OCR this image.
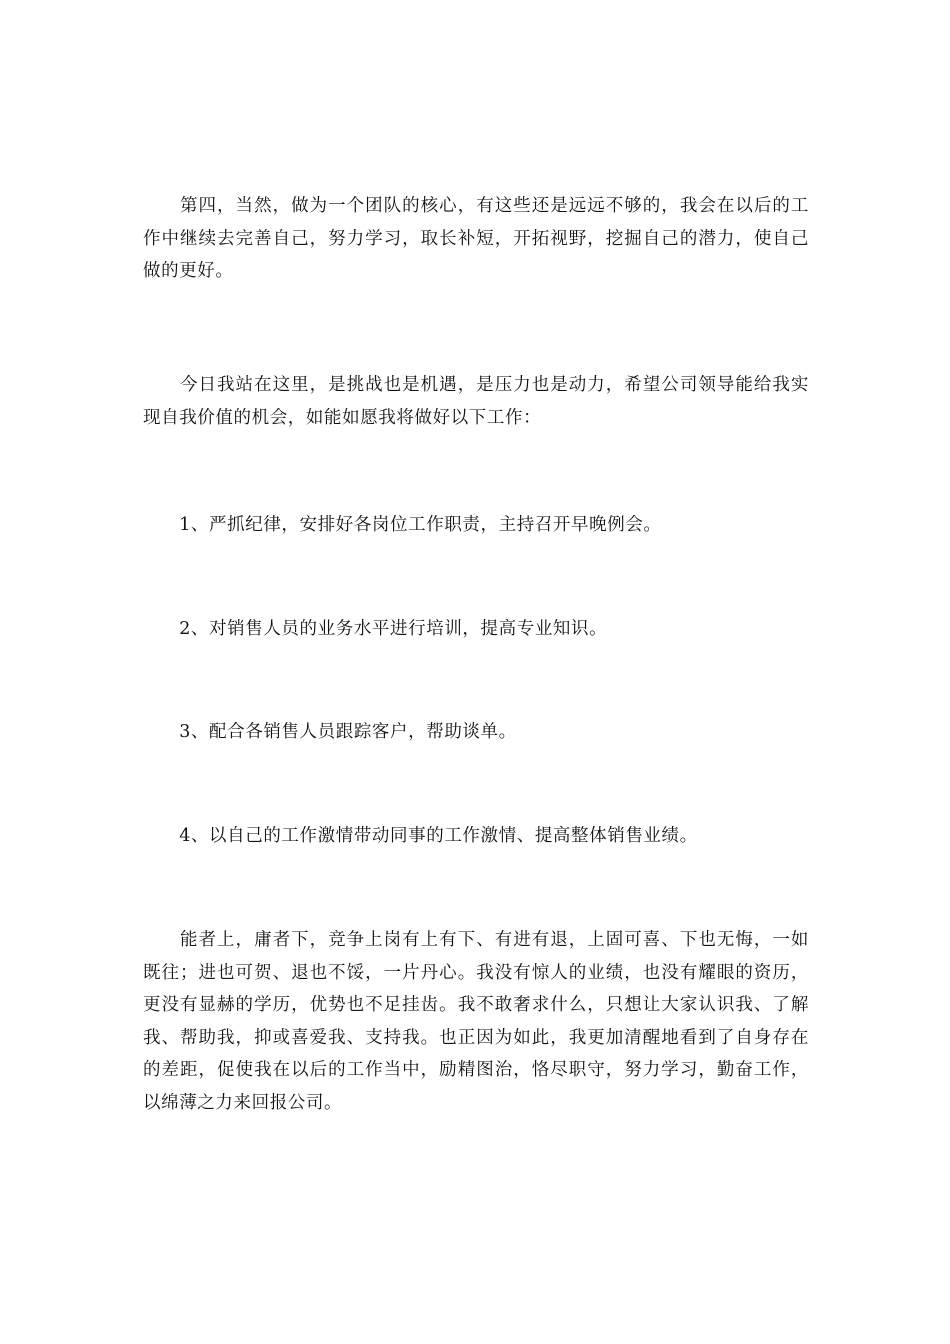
　　第四，当然，做为一个团队的核心，有这些还是远远不够的，我会在以后的工作中继续去完善自己，努力学习，取长补短，开拓视野，挖掘自己的潜力，使自己做的更好。

　　今日我站在这里，是挑战也是机遇，是压力也是动力，希望公司领导能给我实现自我价值的机会，如能如愿我将做好以下工作：

　　1、严抓纪律，安排好各岗位工作职责，主持召开早晚例会。

　　2、对销售人员的业务水平进行培训，提高专业知识。

　　3、配合各销售人员跟踪客户，帮助谈单。

　　4、以自己的工作激情带动同事的工作激情、提高整体销售业绩。

　　能者上，庸者下，竞争上岗有上有下、有进有退，上固可喜、下也无悔，一如既往；进也可贺、退也不馁，一片丹心。我没有惊人的业绩，也没有耀眼的资历，更没有显赫的学历，优势也不足挂齿。我不敢奢求什么，只想让大家认识我、了解我、帮助我，抑或喜爱我、支持我。也正因为如此，我更加清醒地看到了自身存在的差距，促使我在以后的工作当中，励精图治，恪尽职守，努力学习，勤奋工作，以绵薄之力来回报公司。
